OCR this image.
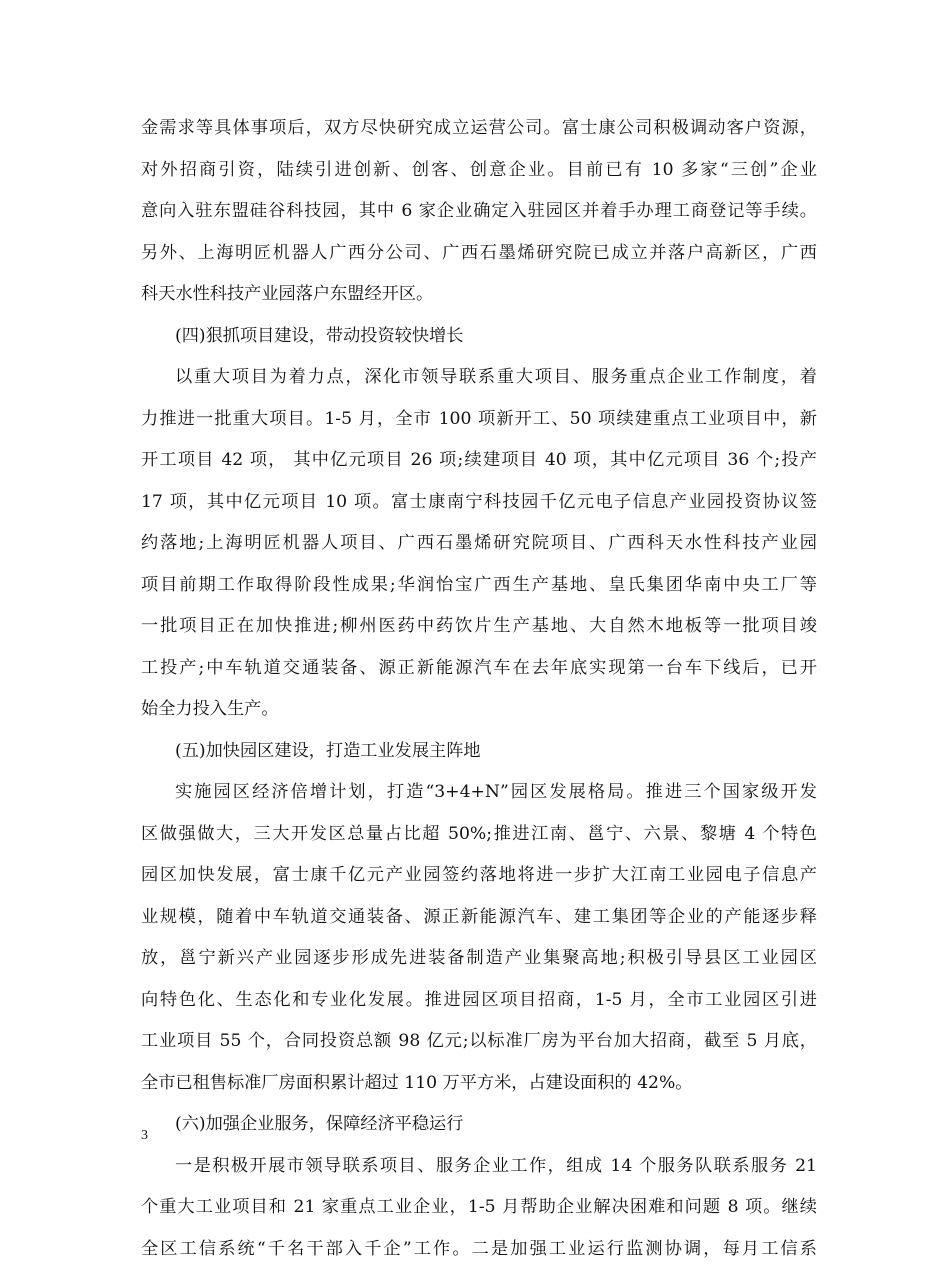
金需求等具体事项后，双方尽快研究成立运营公司。富士康公司积极调动客户资源，
对外招商引资，陆续引进创新、创客、创意企业。目前已有 10 多家“三创”企业
意向入驻东盟硅谷科技园，其中 6 家企业确定入驻园区并着手办理工商登记等手续。
另外、上海明匠机器人广西分公司、广西石墨烯研究院已成立并落户高新区，广西
科天水性科技产业园落户东盟经开区。
(四)狠抓项目建设，带动投资较快增长
以重大项目为着力点，深化市领导联系重大项目、服务重点企业工作制度，着
力推进一批重大项目。1-5 月，全市 100 项新开工、50 项续建重点工业项目中，新
开工项目 42 项， 其中亿元项目 26 项;续建项目 40 项，其中亿元项目 36 个;投产
17 项，其中亿元项目 10 项。富士康南宁科技园千亿元电子信息产业园投资协议签
约落地;上海明匠机器人项目、广西石墨烯研究院项目、广西科天水性科技产业园
项目前期工作取得阶段性成果;华润怡宝广西生产基地、皇氏集团华南中央工厂等
一批项目正在加快推进;柳州医药中药饮片生产基地、大自然木地板等一批项目竣
工投产;中车轨道交通装备、源正新能源汽车在去年底实现第一台车下线后，已开
始全力投入生产。
(五)加快园区建设，打造工业发展主阵地
实施园区经济倍增计划，打造“3+4+N”园区发展格局。推进三个国家级开发
区做强做大，三大开发区总量占比超 50%;推进江南、邕宁、六景、黎塘 4 个特色
园区加快发展，富士康千亿元产业园签约落地将进一步扩大江南工业园电子信息产
业规模，随着中车轨道交通装备、源正新能源汽车、建工集团等企业的产能逐步释
放，邕宁新兴产业园逐步形成先进装备制造产业集聚高地;积极引导县区工业园区
向特色化、生态化和专业化发展。推进园区项目招商，1-5 月，全市工业园区引进
工业项目 55 个，合同投资总额 98 亿元;以标准厂房为平台加大招商，截至 5 月底，
全市已租售标准厂房面积累计超过 110 万平方米，占建设面积的 42%。
(六)加强企业服务，保障经济平稳运行
一是积极开展市领导联系项目、服务企业工作，组成 14 个服务队联系服务 21
个重大工业项目和 21 家重点工业企业，1-5 月帮助企业解决困难和问题 8 项。继续
全区工信系统“千名干部入千企”工作。二是加强工业运行监测协调，每月工信系
3
